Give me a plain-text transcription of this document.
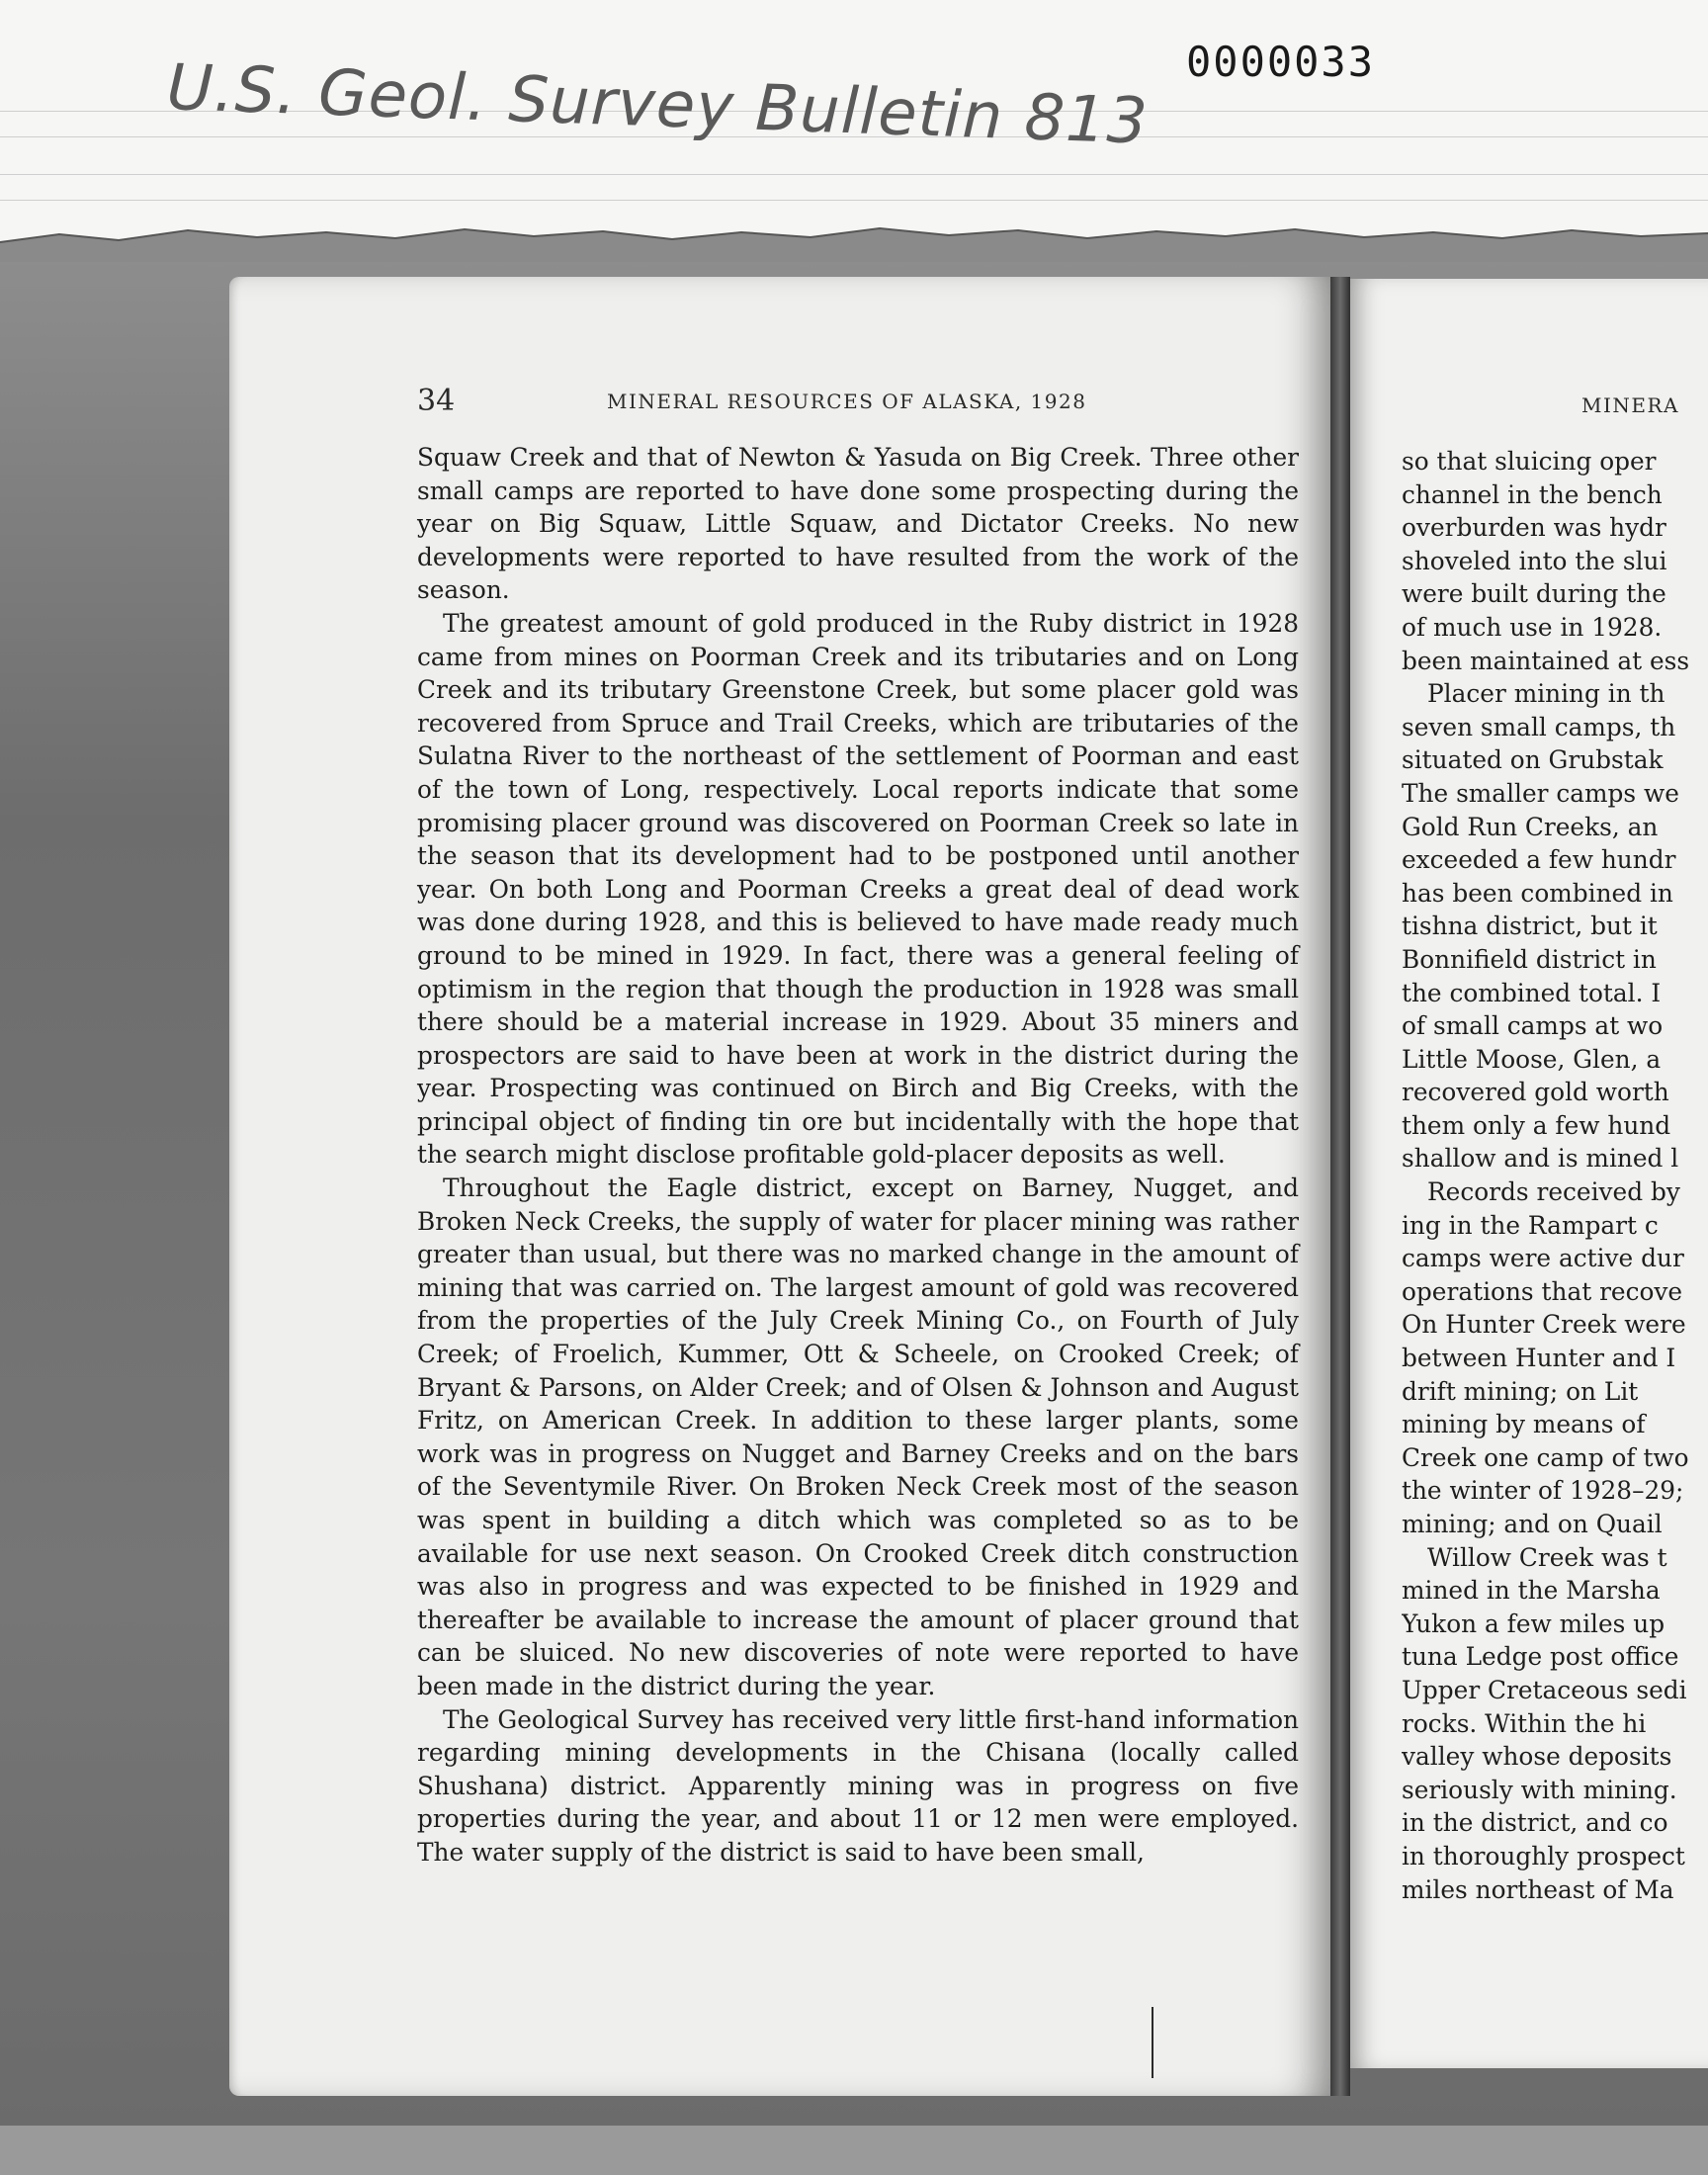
U.S. Geol. Survey Bulletin 813 0000033
34	MINERAL RESOURCES OF ALASKA, 1928

Squaw Creek and that of Newton & Yasuda on Big Creek. Three other small camps are reported to have done some prospecting during the year on Big Squaw, Little Squaw, and Dictator Creeks. No new developments were reported to have resulted from the work of the season.

The greatest amount of gold produced in the Ruby district in 1928 came from mines on Poorman Creek and its tributaries and on Long Creek and its tributary Greenstone Creek, but some placer gold was recovered from Spruce and Trail Creeks, which are tributaries of the Sulatna River to the northeast of the settlement of Poorman and east of the town of Long, respectively. Local reports indicate that some promising placer ground was discovered on Poorman Creek so late in the season that its development had to be postponed until another year. On both Long and Poorman Creeks a great deal of dead work was done during 1928, and this is believed to have made ready much ground to be mined in 1929. In fact, there was a general feeling of optimism in the region that though the production in 1928 was small there should be a material increase in 1929. About 35 miners and prospectors are said to have been at work in the district during the year. Prospecting was continued on Birch and Big Creeks, with the principal object of finding tin ore but incidentally with the hope that the search might disclose profitable gold-placer deposits as well.

Throughout the Eagle district, except on Barney, Nugget, and Broken Neck Creeks, the supply of water for placer mining was rather greater than usual, but there was no marked change in the amount of mining that was carried on. The largest amount of gold was recovered from the properties of the July Creek Mining Co., on Fourth of July Creek; of Froelich, Kummer, Ott & Scheele, on Crooked Creek; of Bryant & Parsons, on Alder Creek; and of Olsen & Johnson and August Fritz, on American Creek. In addition to these larger plants, some work was in progress on Nugget and Barney Creeks and on the bars of the Seventymile River. On Broken Neck Creek most of the season was spent in building a ditch which was completed so as to be available for use next season. On Crooked Creek ditch construction was also in progress and was expected to be finished in 1929 and thereafter be available to increase the amount of placer ground that can be sluiced. No new discoveries of note were reported to have been made in the district during the year.

The Geological Survey has received very little first-hand information regarding mining developments in the Chisana (locally called Shushana) district. Apparently mining was in progress on five properties during the year, and about 11 or 12 men were employed. The water supply of the district is said to have been small,

MINERA
so that sluicing oper
channel in the bench
overburden was hydr
shoveled into the slui
were built during the
of much use in 1928.
been maintained at ess
Placer mining in th
seven small camps, th
situated on Grubstak
The smaller camps we
Gold Run Creeks, an
exceeded a few hundr
has been combined in
tishna district, but it
Bonnifield district in
the combined total. I
of small camps at wo
Little Moose, Glen, a
recovered gold worth
them only a few hund
shallow and is mined l
Records received by
ing in the Rampart c
camps were active dur
operations that recove
On Hunter Creek were
between Hunter and I
drift mining; on Lit
mining by means of
Creek one camp of two
the winter of 1928–29;
mining; and on Quail
Willow Creek was t
mined in the Marsha
Yukon a few miles up
tuna Ledge post office
Upper Cretaceous sedi
rocks. Within the hi
valley whose deposits
seriously with mining.
in the district, and co
in thoroughly prospect
miles northeast of Ma
